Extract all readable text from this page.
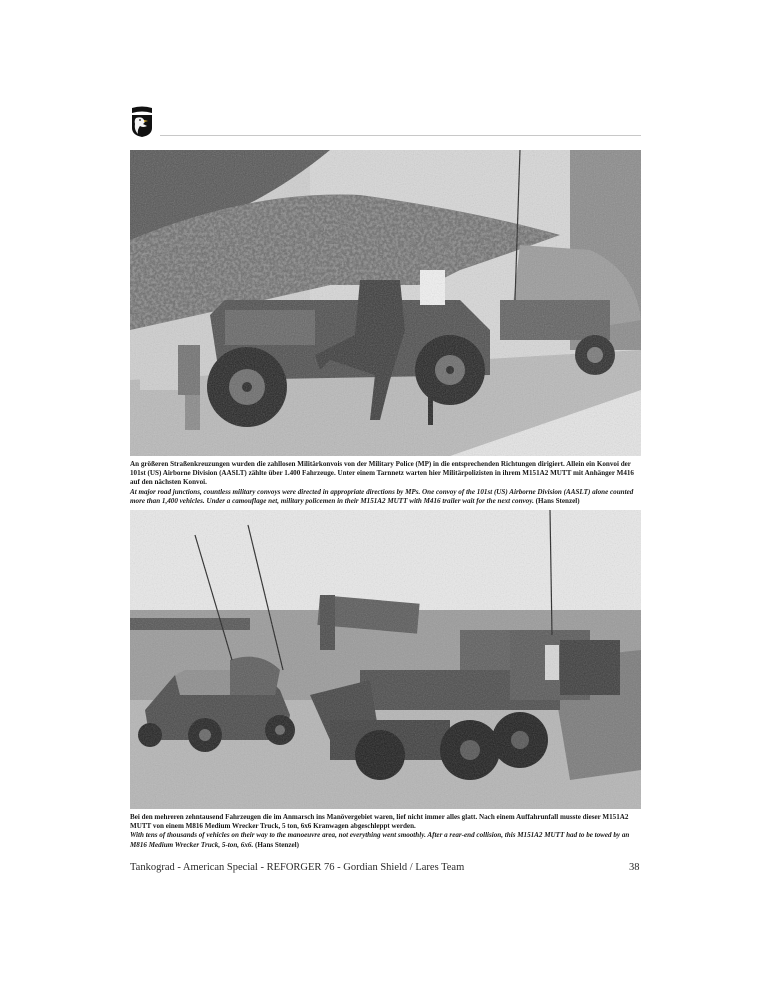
An größeren Straßenkreuzungen wurden die zahllosen Militärkonvois von der Military Police (MP) in die entsprechenden Richtungen dirigiert. Allein ein Konvoi der 101st (US) Airborne Division (AASLT) zählte über 1.400 Fahrzeuge. Unter einem Tarnnetz warten hier Militärpolizisten in ihrem M151A2 MUTT mit Anhänger M416 auf den nächsten Konvoi.
At major road junctions, countless military convoys were directed in appropriate directions by MPs. One convoy of the 101st (US) Airborne Division (AASLT) alone counted more than 1,400 vehicles. Under a camouflage net, military policemen in their M151A2 MUTT with M416 trailer wait for the next convoy. (Hans Stenzel)
Bei den mehreren zehntausend Fahrzeugen die im Anmarsch ins Manövergebiet waren, lief nicht immer alles glatt. Nach einem Auffahrunfall musste dieser M151A2 MUTT von einem M816 Medium Wrecker Truck, 5 ton, 6x6 Kranwagen abgeschleppt werden.
With tens of thousands of vehicles on their way to the manoeuvre area, not everything went smoothly. After a rear-end collision, this M151A2 MUTT had to be towed by an M816 Medium Wrecker Truck, 5-ton, 6x6. (Hans Stenzel)
Tankograd - American Special - REFORGER 76 - Gordian Shield / Lares Team	38
